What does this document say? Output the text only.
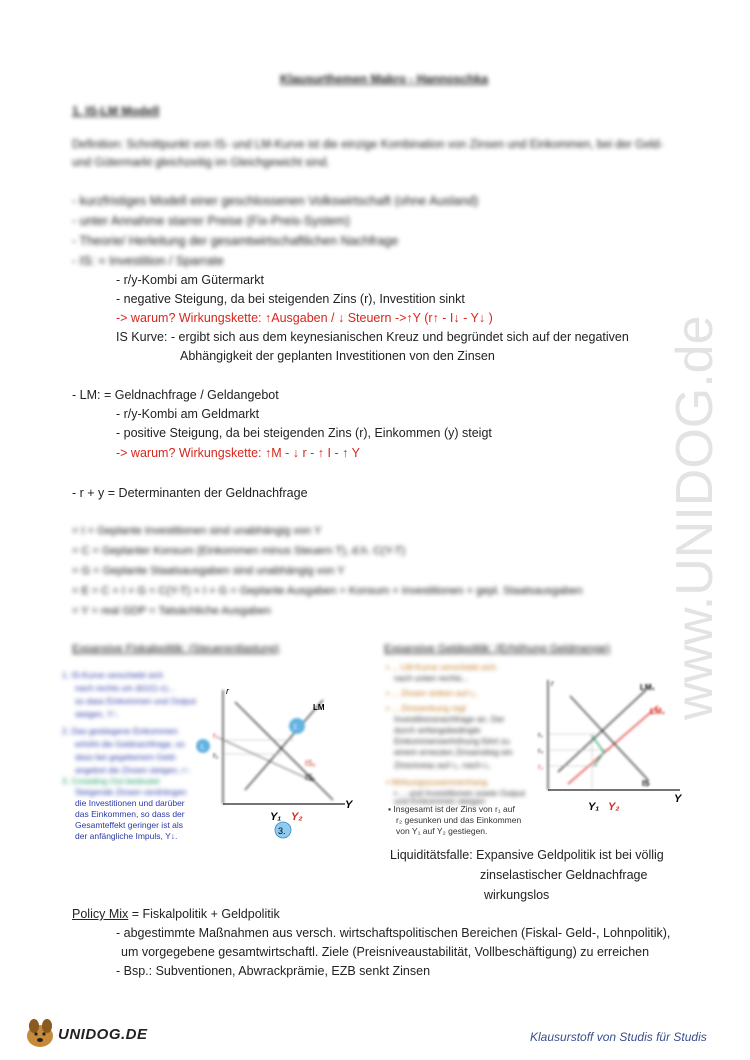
Klausurthemen Makro - Hannoschka
1. IS-LM Modell
Definition: Schnittpunkt von IS- und LM-Kurve ist die einzige Kombination von Zinsen und Einkommen, bei der Geld- und Gütermarkt gleichzeitig im Gleichgewicht sind.
- kurzfristiges Modell einer geschlossenen Volkswirtschaft (ohne Ausland)
- unter Annahme starrer Preise (Fix-Preis-System)
- Theorie/ Herleitung der gesamtwirtschaftlichen Nachfrage
- IS: = Investition / Sparrate
- r/y-Kombi am Gütermarkt
- negative Steigung, da bei steigenden Zins (r), Investition sinkt
-> warum? Wirkungskette: ↑Ausgaben / ↓ Steuern ->↑Y (r↑ - I↓ - Y↓ )
IS Kurve: - ergibt sich aus dem keynesianischen Kreuz und begründet sich auf der negativen
Abhängigkeit der geplanten Investitionen von den Zinsen
- LM: = Geldnachfrage / Geldangebot
- r/y-Kombi am Geldmarkt
- positive Steigung, da bei steigenden Zins (r), Einkommen (y) steigt
-> warum? Wirkungskette: ↑M - ↓ r - ↑ I - ↑ Y
- r + y = Determinanten der Geldnachfrage
= I = Geplante Investitionen sind unabhängig von Y
= C = Geplanter Konsum (Einkommen minus Steuern T), d.h. C(Y-T)
= G = Geplante Staatsausgaben sind unabhängig von Y
= E = C + I + G = C(Y-T) + I + G = Geplante Ausgaben = Konsum + Investitionen + gepl. Staatsausgaben
= Y = real GDP = Tatsächliche Ausgaben
Expansive Fiskalpolitik: (Steuerentlastung)
1. IS-Kurve verschiebt sich
nach rechts um ΔG/(1-c)...
so dass Einkommen und Output
steigen, Y↑.
2. Das gestiegene Einkommen
erhöht die Geldnachfrage, so
dass bei gegebenem Geld-
angebot die Zinsen steigen, r↑.
3. Crowding Out bedeutet:
Steigende Zinsen verdrängen
die Investitionen und darüber
das Einkommen, so dass der
Gesamteffekt geringer ist als
der anfängliche Impuls, Y↓.
r
Y
LM
IS₂
IS₁
r₂
r₁
1.
2.
Y₁ Y₂
3.
Expansive Geldpolitik: (Erhöhung Geldmenge)
▪ ... LM-Kurve verschiebt sich
nach unten rechts...
▪ ... Zinsen sinken auf r₂.
▪ ... Zinssenkung regt
Investitionsnachfrage an. Der
durch anfangsbedingte
Einkommenserhöhung führt zu
einem erneuten Zinsanstieg ein
Zinsniveau auf r₂, nach r₁.
▪ Wirkungszusammenhang
▪ ... und Investitionen sowie Output
und Einkommen steigen
▪ Insgesamt ist der Zins von r₁ auf
r₂ gesunken und das Einkommen
von Y₁ auf Y₂ gestiegen.
r
Y
LM₁
LM₂
IS
r₁
r₃
r₂
Y₁ Y₂
Liquiditätsfalle: Expansive Geldpolitik ist bei völlig
zinselastischer Geldnachfrage
wirkungslos
Policy Mix = Fiskalpolitik + Geldpolitik
- abgestimmte Maßnahmen aus versch. wirtschaftspolitischen Bereichen (Fiskal- Geld-, Lohnpolitik),
um vorgegebene gesamtwirtschaftl. Ziele (Preisniveaustabilität, Vollbeschäftigung) zu erreichen
- Bsp.: Subventionen, Abwrackprämie, EZB senkt Zinsen
www.UNIDOG.de
UNIDOG.DE	Klausurstoff von Studis für Studis
